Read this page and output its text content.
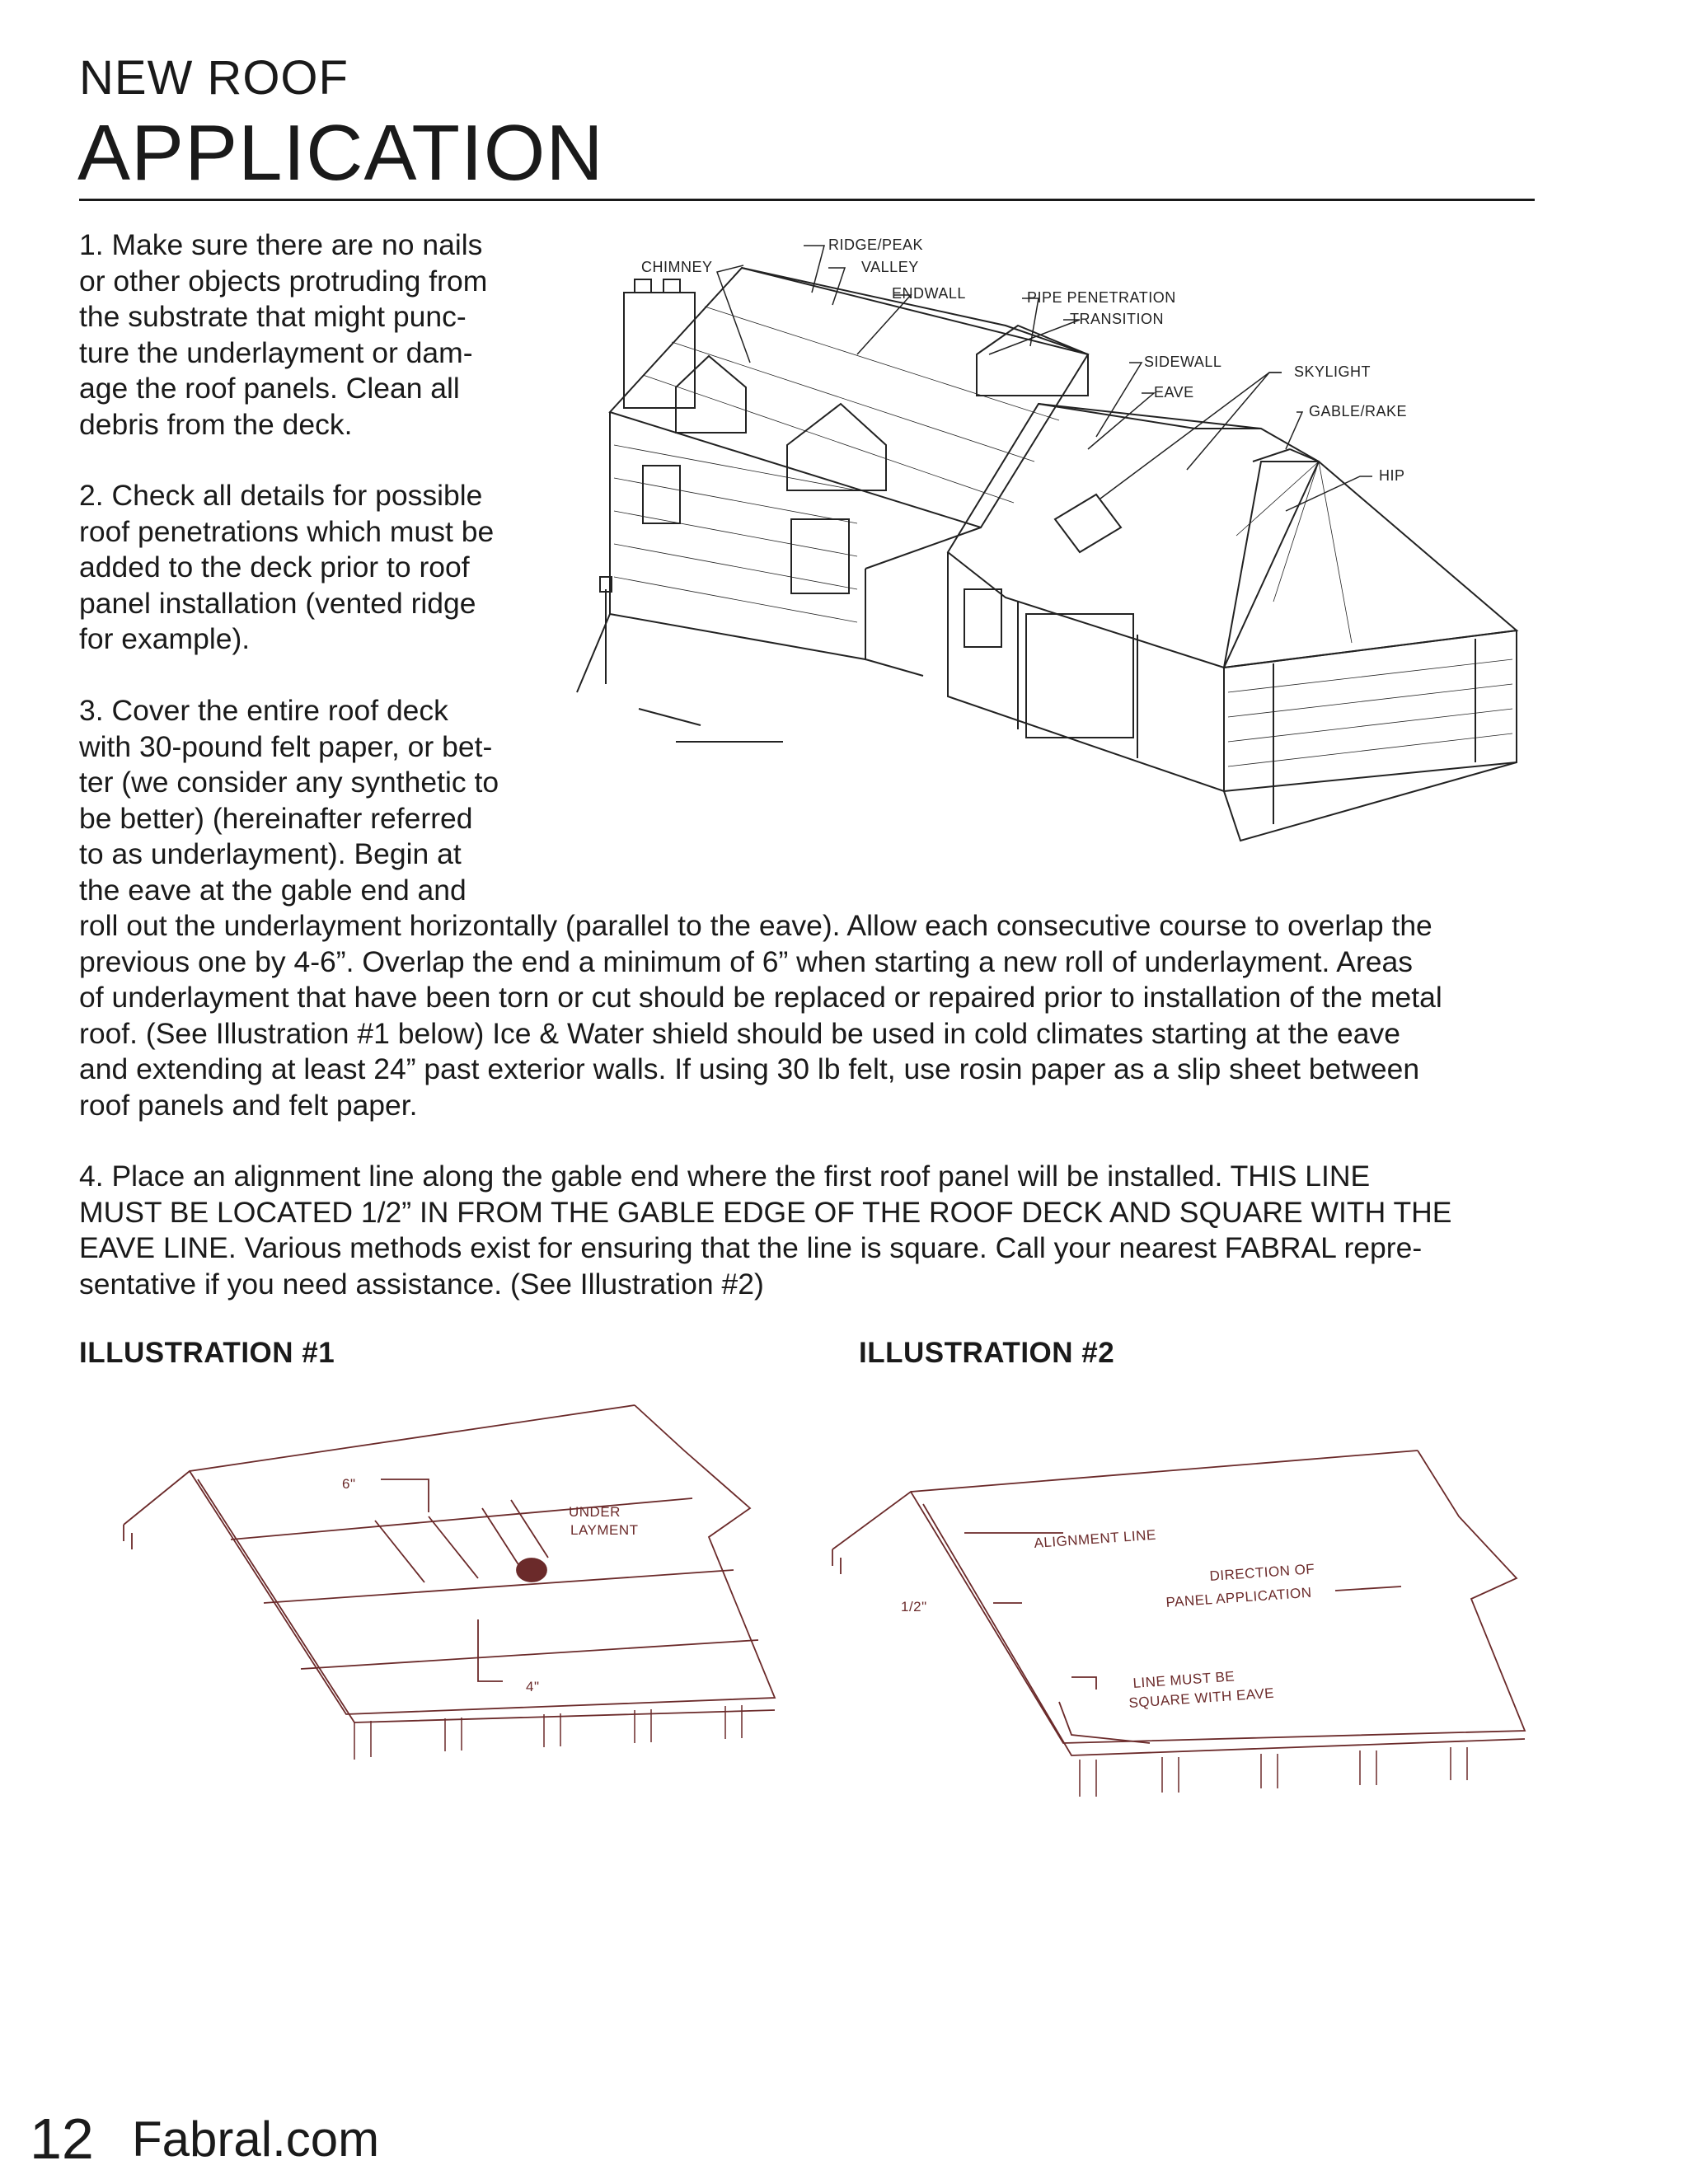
NEW ROOF
APPLICATION
1. Make sure there are no nails
or other objects protruding from
the substrate that might punc-
ture the underlayment or dam-
age the roof panels. Clean all
debris from the deck.
2. Check all details for possible
roof penetrations which must be
added to the deck prior to roof
panel installation (vented ridge
for example).
3. Cover the entire roof deck
with 30-pound felt paper, or bet-
ter (we consider any synthetic to
be better) (hereinafter referred
to as underlayment). Begin at
the eave at the gable end and
roll out the underlayment horizontally (parallel to the eave). Allow each consecutive course to overlap the
previous one by 4-6”. Overlap the end a minimum of 6” when starting a new roll of underlayment. Areas
of underlayment that have been torn or cut should be replaced or repaired prior to installation of the metal
roof. (See Illustration #1 below) Ice & Water shield should be used in cold climates starting at the eave
and extending at least 24” past exterior walls. If using 30 lb felt, use rosin paper as a slip sheet between
roof panels and felt paper.
4. Place an alignment line along the gable end where the first roof panel will be installed. THIS LINE
MUST BE LOCATED 1/2” IN FROM THE GABLE EDGE OF THE ROOF DECK AND SQUARE WITH THE
EAVE LINE. Various methods exist for ensuring that the line is square. Call your nearest FABRAL repre-
sentative if you need assistance. (See Illustration #2)
CHIMNEY
RIDGE/PEAK
VALLEY
ENDWALL	PIPE PENETRATION
TRANSITION
SIDEWALL
EAVE
SKYLIGHT
GABLE/RAKE
HIP
ILLUSTRATION #1	ILLUSTRATION #2
6"
UNDER
LAYMENT
4"
ALIGNMENT LINE
DIRECTION OF
PANEL APPLICATION
1/2"
LINE MUST BE
SQUARE WITH EAVE
12 Fabral.com
